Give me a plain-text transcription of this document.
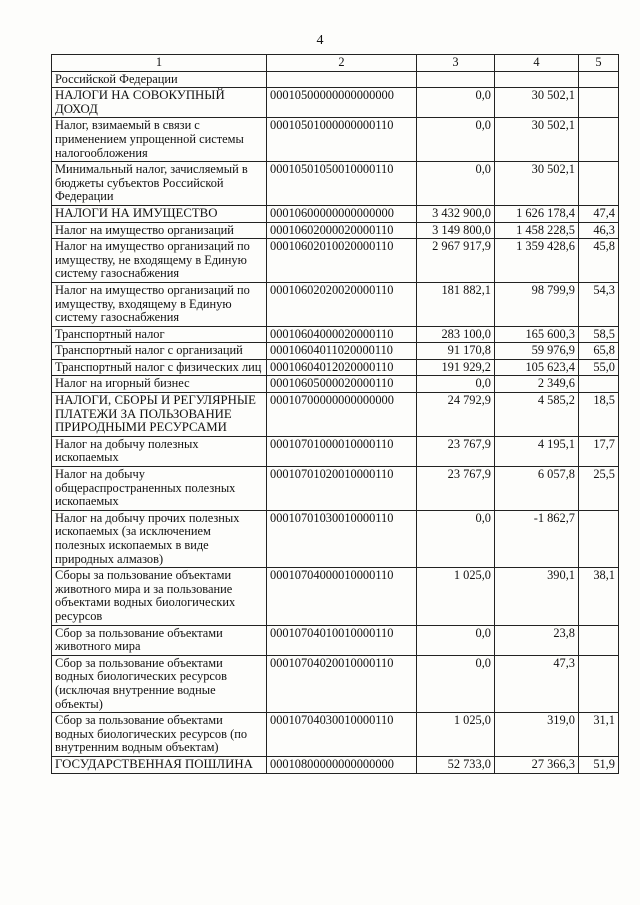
4
1	2	3	4	5
Российской Федерации				
НАЛОГИ НА СОВОКУПНЫЙ ДОХОД	00010500000000000000	0,0	30 502,1	
Налог, взимаемый в связи с применением упрощенной системы налогообложения	00010501000000000110	0,0	30 502,1	
Минимальный налог, зачисляемый в бюджеты субъектов Российской Федерации	00010501050010000110	0,0	30 502,1	
НАЛОГИ НА ИМУЩЕСТВО	00010600000000000000	3 432 900,0	1 626 178,4	47,4
Налог на имущество организаций	00010602000020000110	3 149 800,0	1 458 228,5	46,3
Налог на имущество организаций по имуществу, не входящему в Единую систему газоснабжения	00010602010020000110	2 967 917,9	1 359 428,6	45,8
Налог на имущество организаций по имуществу, входящему в Единую систему газоснабжения	00010602020020000110	181 882,1	98 799,9	54,3
Транспортный налог	00010604000020000110	283 100,0	165 600,3	58,5
Транспортный налог с организаций	00010604011020000110	91 170,8	59 976,9	65,8
Транспортный налог с физических лиц	00010604012020000110	191 929,2	105 623,4	55,0
Налог на игорный бизнес	00010605000020000110	0,0	2 349,6	
НАЛОГИ, СБОРЫ И РЕГУЛЯРНЫЕ ПЛАТЕЖИ ЗА ПОЛЬЗОВАНИЕ ПРИРОДНЫМИ РЕСУРСАМИ	00010700000000000000	24 792,9	4 585,2	18,5
Налог на добычу полезных ископаемых	00010701000010000110	23 767,9	4 195,1	17,7
Налог на добычу общераспространенных полезных ископаемых	00010701020010000110	23 767,9	6 057,8	25,5
Налог на добычу прочих полезных ископаемых (за исключением полезных ископаемых в виде природных алмазов)	00010701030010000110	0,0	-1 862,7	
Сборы за пользование объектами животного мира и за пользование объектами водных биологических ресурсов	00010704000010000110	1 025,0	390,1	38,1
Сбор за пользование объектами животного мира	00010704010010000110	0,0	23,8	
Сбор за пользование объектами водных биологических ресурсов (исключая внутренние водные объекты)	00010704020010000110	0,0	47,3	
Сбор за пользование объектами водных биологических ресурсов (по внутренним водным объектам)	00010704030010000110	1 025,0	319,0	31,1
ГОСУДАРСТВЕННАЯ ПОШЛИНА	00010800000000000000	52 733,0	27 366,3	51,9
